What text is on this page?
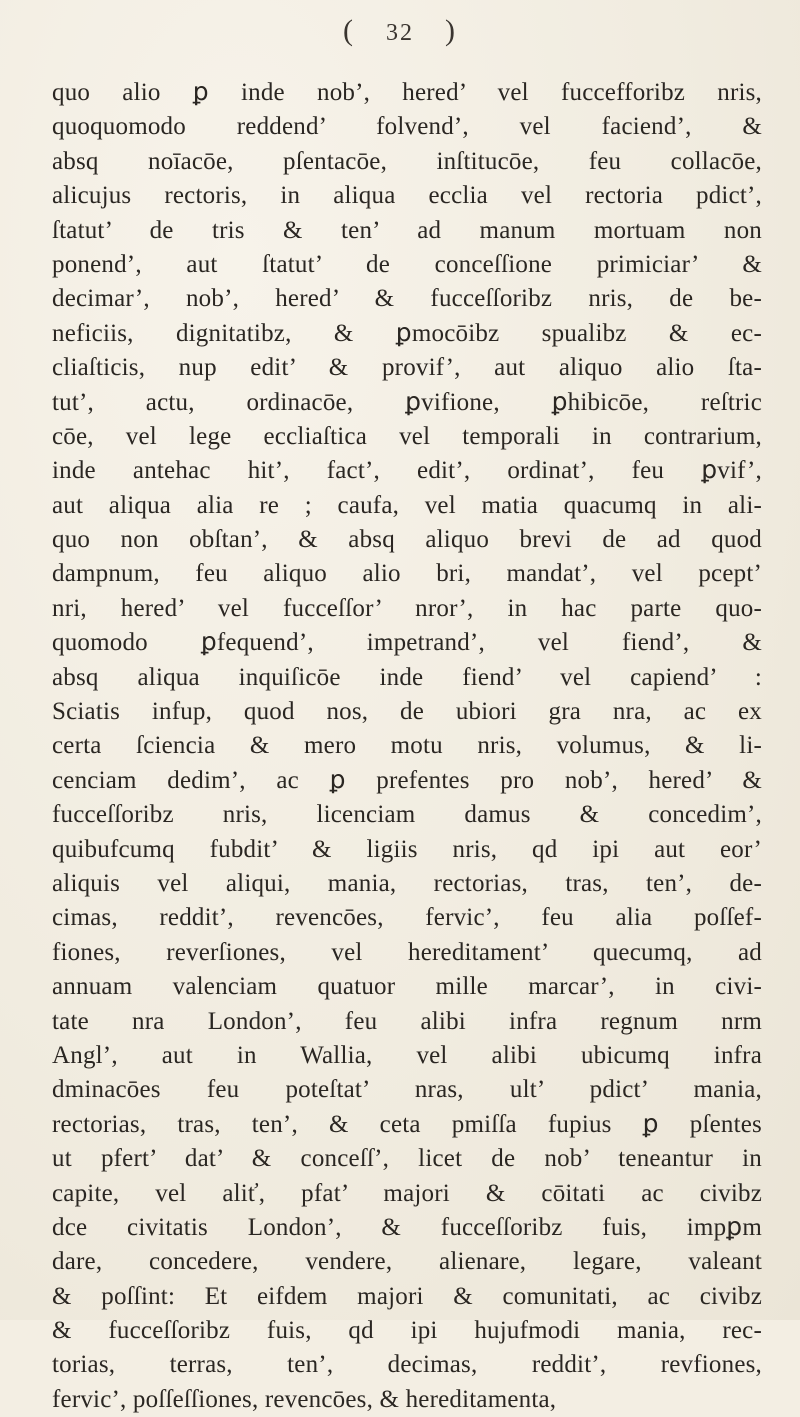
( 32 )
quo alio ꝑ inde nob’, hered’ vel fuccefforibz nris,
quoquomodo reddend’ folvend’, vel faciend’, &
absq noīacōe, pſentacōe, inſtitucōe, feu collacōe,
alicujus rectoris, in aliqua ecclia vel rectoria pdict’,
ſtatut’ de tris & ten’ ad manum mortuam non
ponend’, aut ſtatut’ de conceſſione primiciar’ &
decimar’, nob’, hered’ & fucceſſoribz nris, de be-
neficiis, dignitatibz, & ꝑmocōibz spualibz & ec-
cliaſticis, nup edit’ & provif’, aut aliquo alio ſta-
tut’, actu, ordinacōe, ꝑvifione, ꝑhibicōe, reſtric
cōe, vel lege eccliaſtica vel temporali in contrarium,
inde antehac hit’, fact’, edit’, ordinat’, feu ꝑvif’,
aut aliqua alia re ; caufa, vel matia quacumq in ali-
quo non obſtan’, & absq aliquo brevi de ad quod
dampnum, feu aliquo alio bri, mandat’, vel pcept’
nri, hered’ vel fucceſſor’ nror’, in hac parte quo-
quomodo ꝑfequend’, impetrand’, vel fiend’, &
absq aliqua inquiſicōe inde fiend’ vel capiend’ :
Sciatis infup, quod nos, de ubiori gra nra, ac ex
certa ſciencia & mero motu nris, volumus, & li-
cenciam dedim’, ac ꝑ prefentes pro nob’, hered’ &
fucceſſoribz nris, licenciam damus & concedim’,
quibufcumq fubdit’ & ligiis nris, qd ipi aut eor’
aliquis vel aliqui, mania, rectorias, tras, ten’, de-
cimas, reddit’, revencōes, fervic’, feu alia poſſef-
fiones, reverſiones, vel hereditament’ quecumq, ad
annuam valenciam quatuor mille marcar’, in civi-
tate nra London’, feu alibi infra regnum nrm
Angl’, aut in Wallia, vel alibi ubicumq infra
dminacōes feu poteſtat’ nras, ult’ pdict’ mania,
rectorias, tras, ten’, & ceta pmiſſa fupius ꝑ pſentes
ut pfert’ dat’ & conceſſ’, licet de nob’ teneantur in
capite, vel aliť, pfat’ majori & cōitati ac civibz
dce civitatis London’, & fucceſſoribz fuis, impꝑm
dare, concedere, vendere, alienare, legare, valeant
& poſſint: Et eifdem majori & comunitati, ac civibz
& fucceſſoribz fuis, qd ipi hujufmodi mania, rec-
torias, terras, ten’, decimas, reddit’, revfiones,
fervic’, poſſeſſiones, revencōes, & hereditamenta,
